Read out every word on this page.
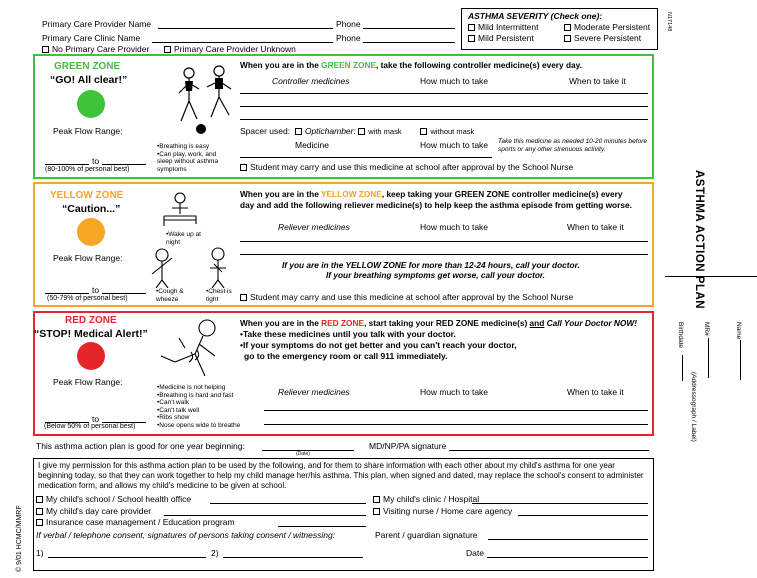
Primary Care Provider Name	Phone
Primary Care Clinic Name	Phone
No Primary Care Provider	Primary Care Provider Unknown
ASTHMA SEVERITY (Check one):
Mild Intermittent	Moderate Persistent
Mild Persistent	Severe Persistent
N17148
ASTHMA ACTION PLAN
Name
MR#
Birthdate
(Addressograph / Label)
GREEN ZONE
“GO! All clear!”
Peak Flow Range:
to
(80-100% of personal best)
•Breathing is easy
•Can play, work, and
sleep without asthma
symptoms
When you are in the GREEN ZONE, take the following controller medicine(s) every day.
Controller medicines	How much to take	When to take it
Spacer used: Optichamber: with mask	without mask
Medicine	How much to take Take this medicine as needed 10-20 minutes before sports or any other strenuous activity.
Student may carry and use this medicine at school after approval by the School Nurse
YELLOW ZONE
“Caution...”
Peak Flow Range:
to
(50-79% of personal best)
•Wake up at night
•Cough & wheeze
•Chest is tight
When you are in the YELLOW ZONE, keep taking your GREEN ZONE controller medicine(s) every
day and add the following reliever medicine(s) to help keep the asthma episode from getting worse.
Reliever medicines	How much to take	When to take it
If you are in the YELLOW ZONE for more than 12-24 hours, call your doctor.
If your breathing symptoms get worse, call your doctor.
Student may carry and use this medicine at school after approval by the School Nurse
RED ZONE
“STOP! Medical Alert!”
Peak Flow Range:
to
(Below 50% of personal best)
•Medicine is not helping
•Breathing is hard and fast
•Can't walk
•Can't talk well
•Ribs show
•Nose opens wide to breathe
When you are in the RED ZONE, start taking your RED ZONE medicine(s) and Call Your Doctor NOW!
•Take these medicines until you talk with your doctor.
•If your symptoms do not get better and you can't reach your doctor,
go to the emergency room or call 911 immediately.
Reliever medicines	How much to take	When to take it
This asthma action plan is good for one year beginning:
(Date)
MD/NP/PA signature
I give my permission for this asthma action plan to be used by the following, and for them to share information with each other about my child's asthma for one year beginning today, so that they can work together to help my child manage her/his asthma. This plan, when signed and dated, may replace the school's consent to administer medication form, and allows my child's medicine to be given at school.
My child's school / School health office
My child's day care provider
Insurance case management / Education program
My child's clinic / Hospital
Visiting nurse / Home care agency
If verbal / telephone consent, signatures of persons taking consent / witnessing:	Parent / guardian signature
1)	2)	Date
© 9/01 HCMC/MMRF
